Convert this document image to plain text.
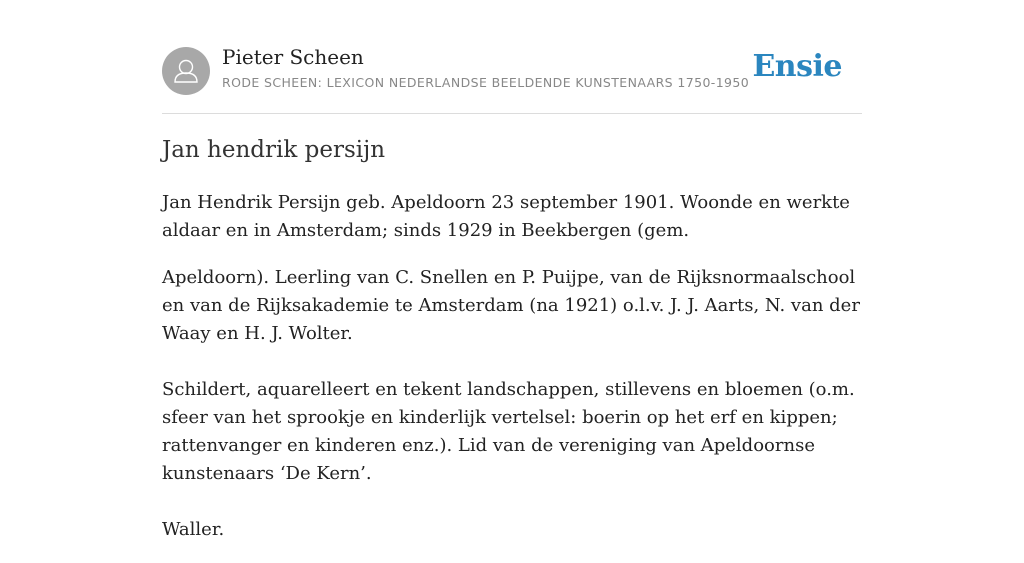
Pieter Scheen
RODE SCHEEN: LEXICON NEDERLANDSE BEELDENDE KUNSTENAARS 1750-1950 Ensie
Jan hendrik persijn

Jan Hendrik Persijn geb. Apeldoorn 23 september 1901. Woonde en werkte aldaar en in Amsterdam; sinds 1929 in Beekbergen (gem.

Apeldoorn). Leerling van C. Snellen en P. Puijpe, van de Rijksnormaalschool en van de Rijksakademie te Amsterdam (na 1921) o.l.v. J. J. Aarts, N. van der Waay en H. J. Wolter.

Schildert, aquarelleert en tekent landschappen, stillevens en bloemen (o.m. sfeer van het sprookje en kinderlijk vertelsel: boerin op het erf en kippen; rattenvanger en kinderen enz.). Lid van de vereniging van Apeldoornse kunstenaars ‘De Kern’.

Waller.
